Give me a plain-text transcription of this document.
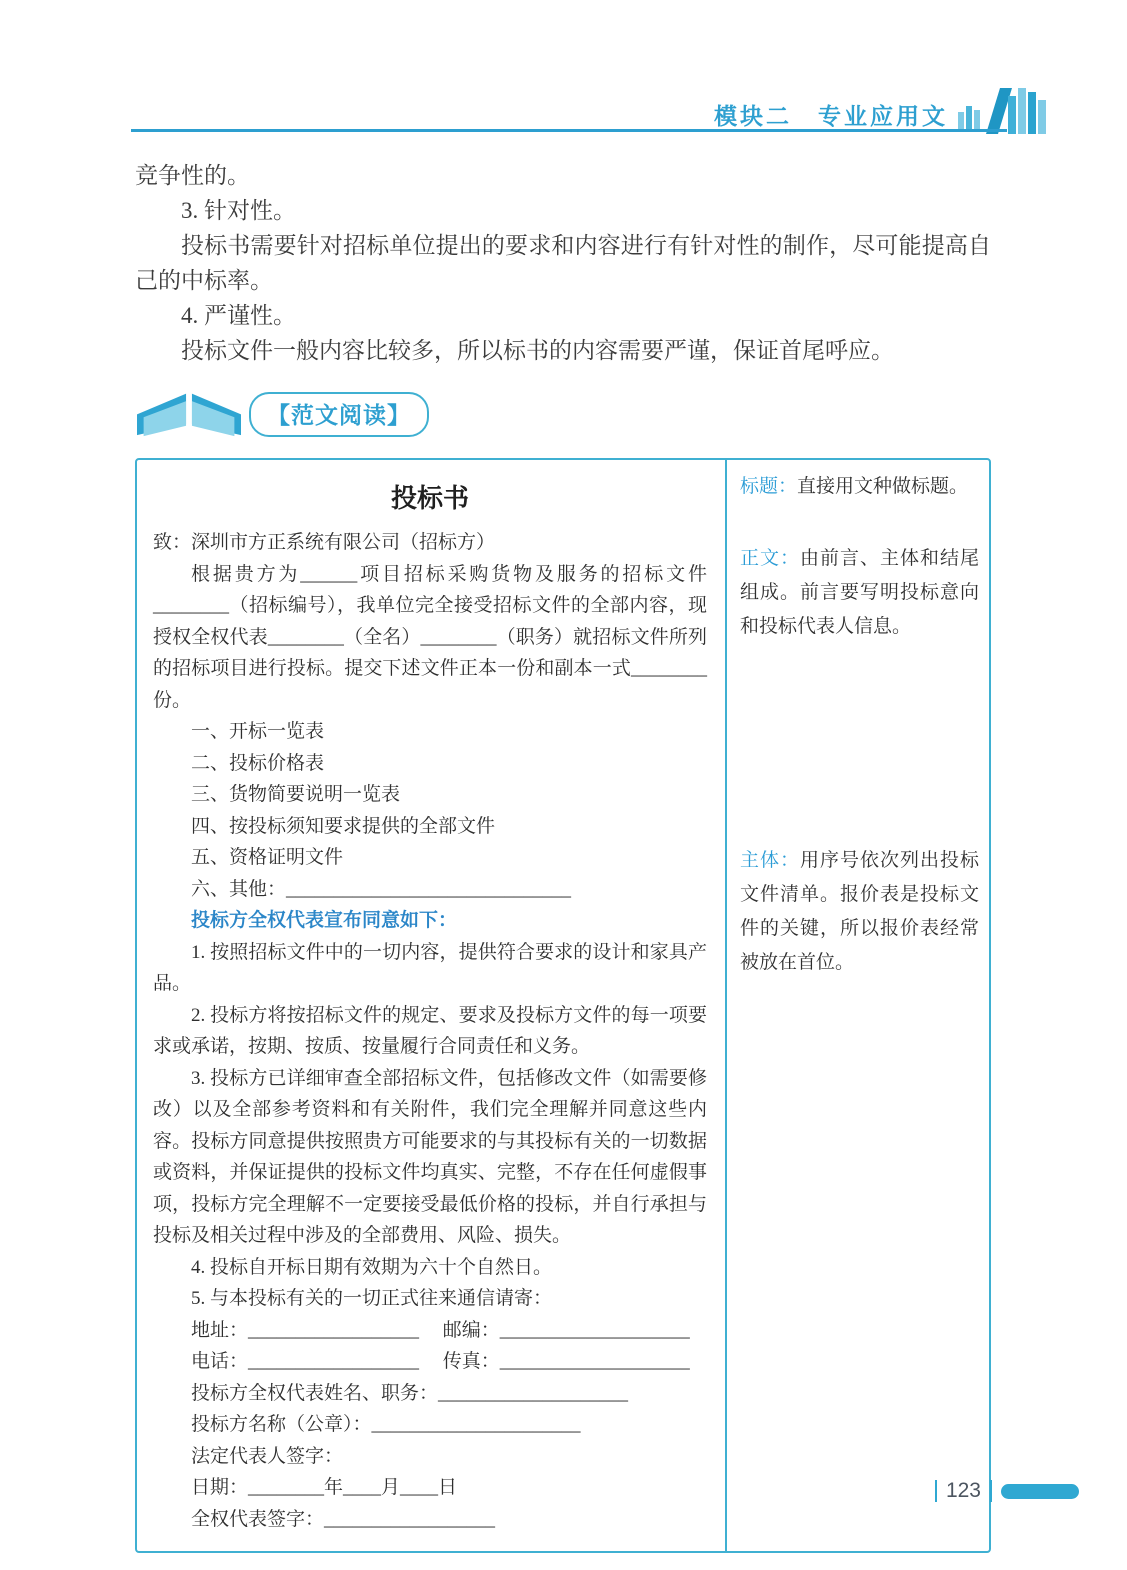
模块二　专业应用文

竞争性的。

3. 针对性。

投标书需要针对招标单位提出的要求和内容进行有针对性的制作，尽可能提高自己的中标率。

4. 严谨性。

投标文件一般内容比较多，所以标书的内容需要严谨，保证首尾呼应。

【范文阅读】
投标书

致：深圳市方正系统有限公司（招标方）

根据贵方为______项目招标采购货物及服务的招标文件________（招标编号），我单位完全接受招标文件的全部内容，现授权全权代表________（全名）________（职务）就招标文件所列的招标项目进行投标。提交下述文件正本一份和副本一式________份。

一、开标一览表

二、投标价格表

三、货物简要说明一览表

四、按投标须知要求提供的全部文件

五、资格证明文件

六、其他：______________________________

投标方全权代表宣布同意如下：

1. 按照招标文件中的一切内容，提供符合要求的设计和家具产品。

2. 投标方将按招标文件的规定、要求及投标方文件的每一项要求或承诺，按期、按质、按量履行合同责任和义务。

3. 投标方已详细审查全部招标文件，包括修改文件（如需要修改）以及全部参考资料和有关附件，我们完全理解并同意这些内容。投标方同意提供按照贵方可能要求的与其投标有关的一切数据或资料，并保证提供的投标文件均真实、完整，不存在任何虚假事项，投标方完全理解不一定要接受最低价格的投标，并自行承担与投标及相关过程中涉及的全部费用、风险、损失。

4. 投标自开标日期有效期为六十个自然日。

5. 与本投标有关的一切正式往来通信请寄：

地址：__________________　 邮编：____________________

电话：__________________　 传真：____________________

投标方全权代表姓名、职务：____________________

投标方名称（公章）：______________________

法定代表人签字：

日期：________年____月____日

全权代表签字：__________________

标题：直接用文种做标题。
正文：由前言、主体和结尾组成。前言要写明投标意向和投标代表人信息。
主体：用序号依次列出投标文件清单。报价表是投标文件的关键，所以报价表经常被放在首位。
123
